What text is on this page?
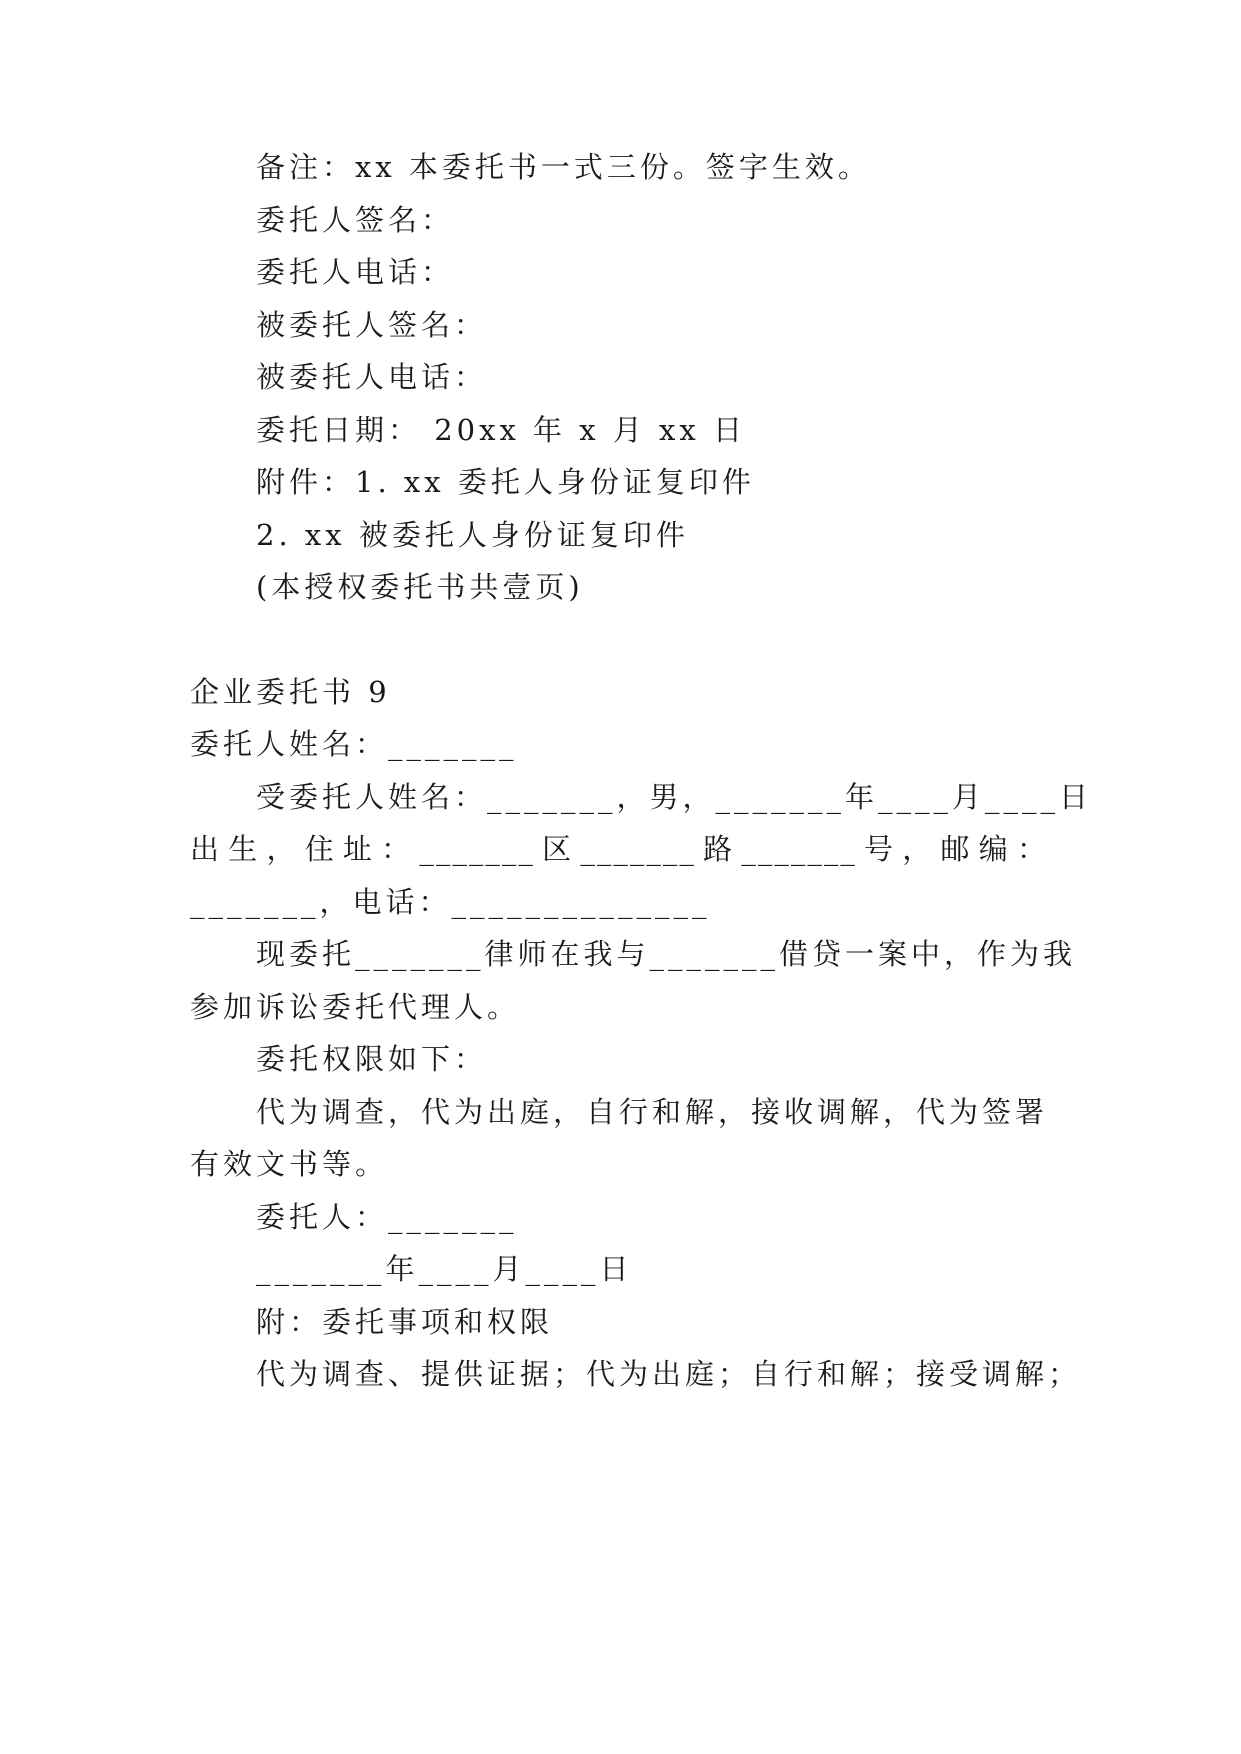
备注：xx 本委托书一式三份。签字生效。
委托人签名：
委托人电话：
被委托人签名：
被委托人电话：
委托日期： 20xx 年 x 月 xx 日
附件：1. xx 委托人身份证复印件
2. xx 被委托人身份证复印件
(本授权委托书共壹页)
企业委托书 9
委托人姓名：_______
受委托人姓名：_______，男，_______年____月____日
出生，住址：_______区_______路_______号，邮编：
_______，电话：______________
现委托_______律师在我与_______借贷一案中，作为我
参加诉讼委托代理人。
委托权限如下：
代为调查，代为出庭，自行和解，接收调解，代为签署
有效文书等。
委托人：_______
_______年____月____日
附：委托事项和权限
代为调查、提供证据；代为出庭；自行和解；接受调解；
